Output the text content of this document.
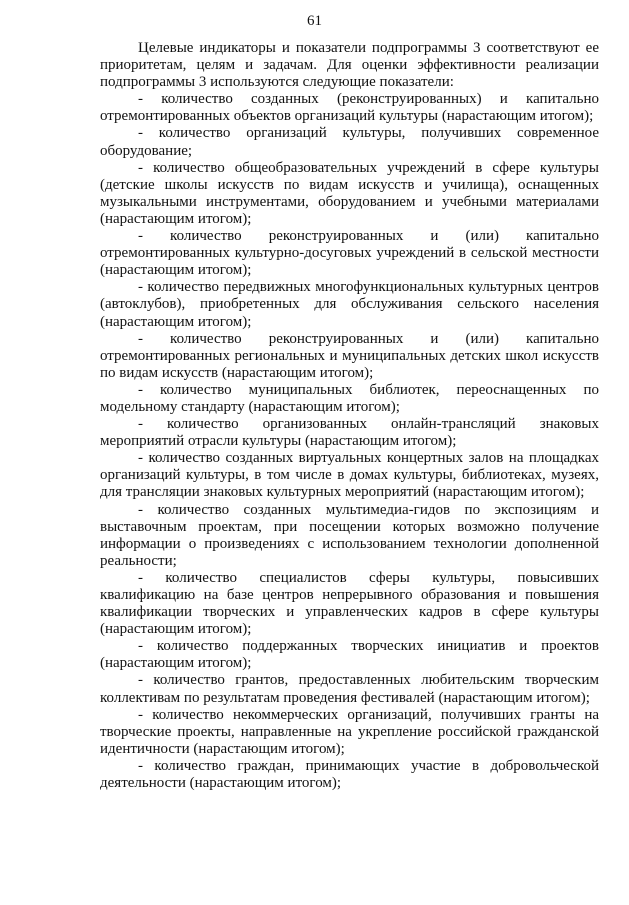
61

Целевые индикаторы и показатели подпрограммы 3 соответствуют ее приоритетам, целям и задачам. Для оценки эффективности реализации подпрограммы 3 используются следующие показатели:

- количество созданных (реконструированных) и капитально отремонтированных объектов организаций культуры (нарастающим итогом);

- количество организаций культуры, получивших современное оборудование;

- количество общеобразовательных учреждений в сфере культуры (детские школы искусств по видам искусств и училища), оснащенных музыкальными инструментами, оборудованием и учебными материалами (нарастающим итогом);

- количество реконструированных и (или) капитально отремонтированных культурно-досуговых учреждений в сельской местности (нарастающим итогом);

- количество передвижных многофункциональных культурных центров (автоклубов), приобретенных для обслуживания сельского населения (нарастающим итогом);

- количество реконструированных и (или) капитально отремонтированных региональных и муниципальных детских школ искусств по видам искусств (нарастающим итогом);

- количество муниципальных библиотек, переоснащенных по модельному стандарту (нарастающим итогом);

- количество организованных онлайн-трансляций знаковых мероприятий отрасли культуры (нарастающим итогом);

- количество созданных виртуальных концертных залов на площадках организаций культуры, в том числе в домах культуры, библиотеках, музеях, для трансляции знаковых культурных мероприятий (нарастающим итогом);

- количество созданных мультимедиа-гидов по экспозициям и выставочным проектам, при посещении которых возможно получение информации о произведениях с использованием технологии дополненной реальности;

- количество специалистов сферы культуры, повысивших квалификацию на базе центров непрерывного образования и повышения квалификации творческих и управленческих кадров в сфере культуры (нарастающим итогом);

- количество поддержанных творческих инициатив и проектов (нарастающим итогом);

- количество грантов, предоставленных любительским творческим коллективам по результатам проведения фестивалей (нарастающим итогом);

- количество некоммерческих организаций, получивших гранты на творческие проекты, направленные на укрепление российской гражданской идентичности (нарастающим итогом);

- количество граждан, принимающих участие в добровольческой деятельности (нарастающим итогом);
